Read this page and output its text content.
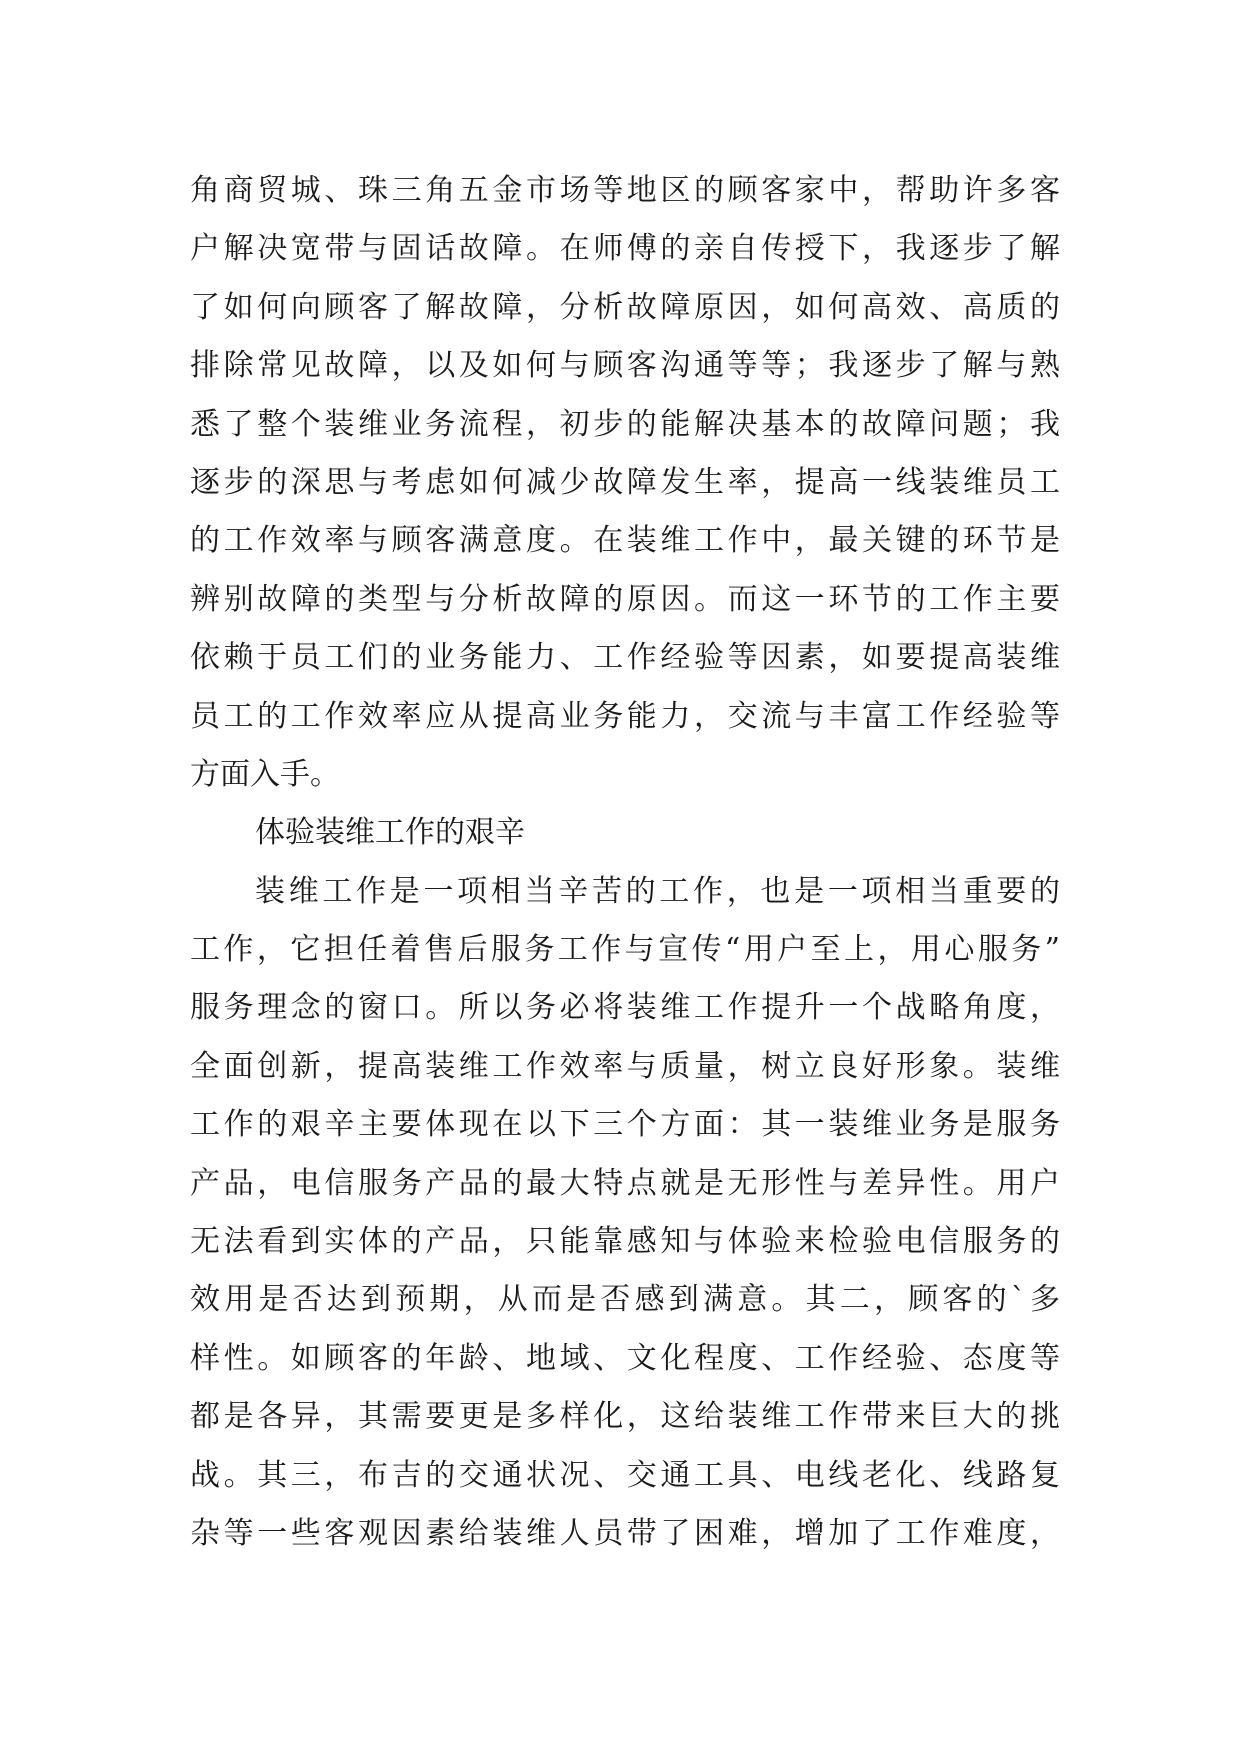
角商贸城、珠三角五金市场等地区的顾客家中，帮助许多客
户解决宽带与固话故障。在师傅的亲自传授下，我逐步了解
了如何向顾客了解故障，分析故障原因，如何高效、高质的
排除常见故障，以及如何与顾客沟通等等；我逐步了解与熟
悉了整个装维业务流程，初步的能解决基本的故障问题；我
逐步的深思与考虑如何减少故障发生率，提高一线装维员工
的工作效率与顾客满意度。在装维工作中，最关键的环节是
辨别故障的类型与分析故障的原因。而这一环节的工作主要
依赖于员工们的业务能力、工作经验等因素，如要提高装维
员工的工作效率应从提高业务能力，交流与丰富工作经验等
方面入手。
体验装维工作的艰辛
装维工作是一项相当辛苦的工作，也是一项相当重要的
工作，它担任着售后服务工作与宣传“用户至上，用心服务”
服务理念的窗口。所以务必将装维工作提升一个战略角度，
全面创新，提高装维工作效率与质量，树立良好形象。装维
工作的艰辛主要体现在以下三个方面：其一装维业务是服务
产品，电信服务产品的最大特点就是无形性与差异性。用户
无法看到实体的产品，只能靠感知与体验来检验电信服务的
效用是否达到预期，从而是否感到满意。其二，顾客的`多
样性。如顾客的年龄、地域、文化程度、工作经验、态度等
都是各异，其需要更是多样化，这给装维工作带来巨大的挑
战。其三，布吉的交通状况、交通工具、电线老化、线路复
杂等一些客观因素给装维人员带了困难，增加了工作难度，
